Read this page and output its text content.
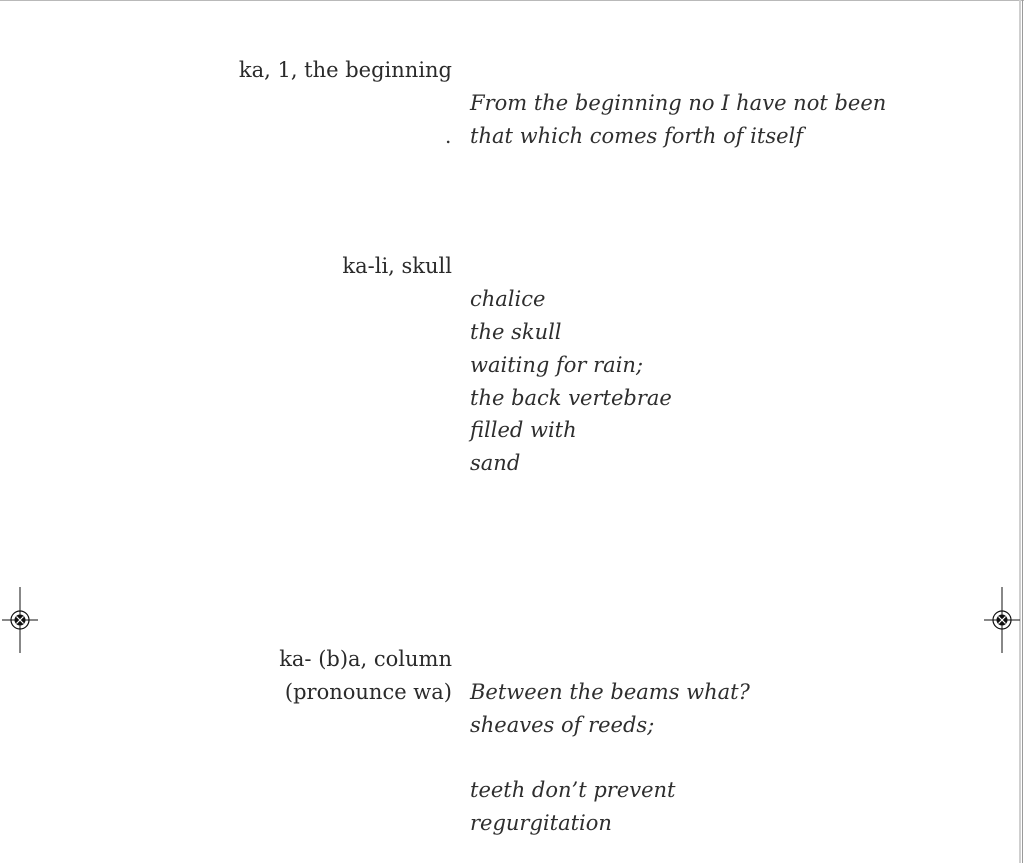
ka, 1, the beginning
From the beginning no I have not been
. that which comes forth of itself
ka-li, skull
chalice
the skull
waiting for rain;
the back vertebrae
filled with
sand
ka- (b)a, column
(pronounce wa) Between the beams what?
sheaves of reeds;
teeth don’t prevent
regurgitation
